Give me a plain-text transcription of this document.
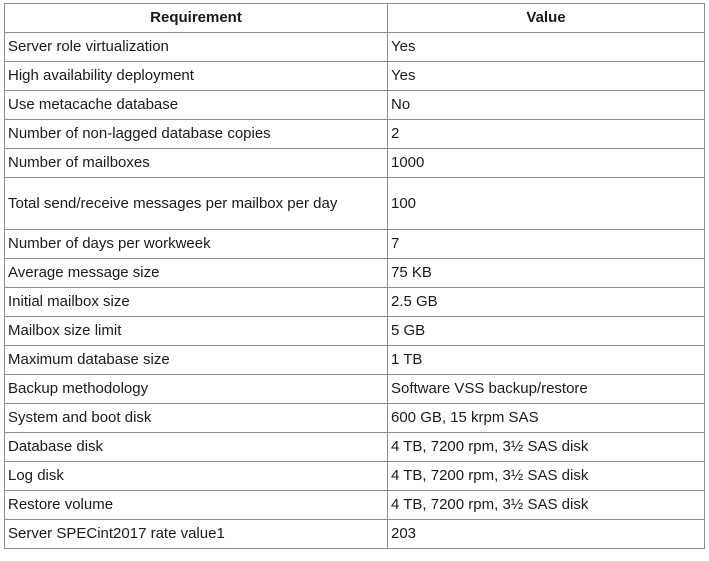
Requirement	Value
Server role virtualization	Yes
High availability deployment	Yes
Use metacache database	No
Number of non-lagged database copies	2
Number of mailboxes	1000
Total send/receive messages per mailbox per day	100
Number of days per workweek	7
Average message size	75 KB
Initial mailbox size	2.5 GB
Mailbox size limit	5 GB
Maximum database size	1 TB
Backup methodology	Software VSS backup/restore
System and boot disk	600 GB, 15 krpm SAS
Database disk	4 TB, 7200 rpm, 3½ SAS disk
Log disk	4 TB, 7200 rpm, 3½ SAS disk
Restore volume	4 TB, 7200 rpm, 3½ SAS disk
Server SPECint2017 rate value1	203
